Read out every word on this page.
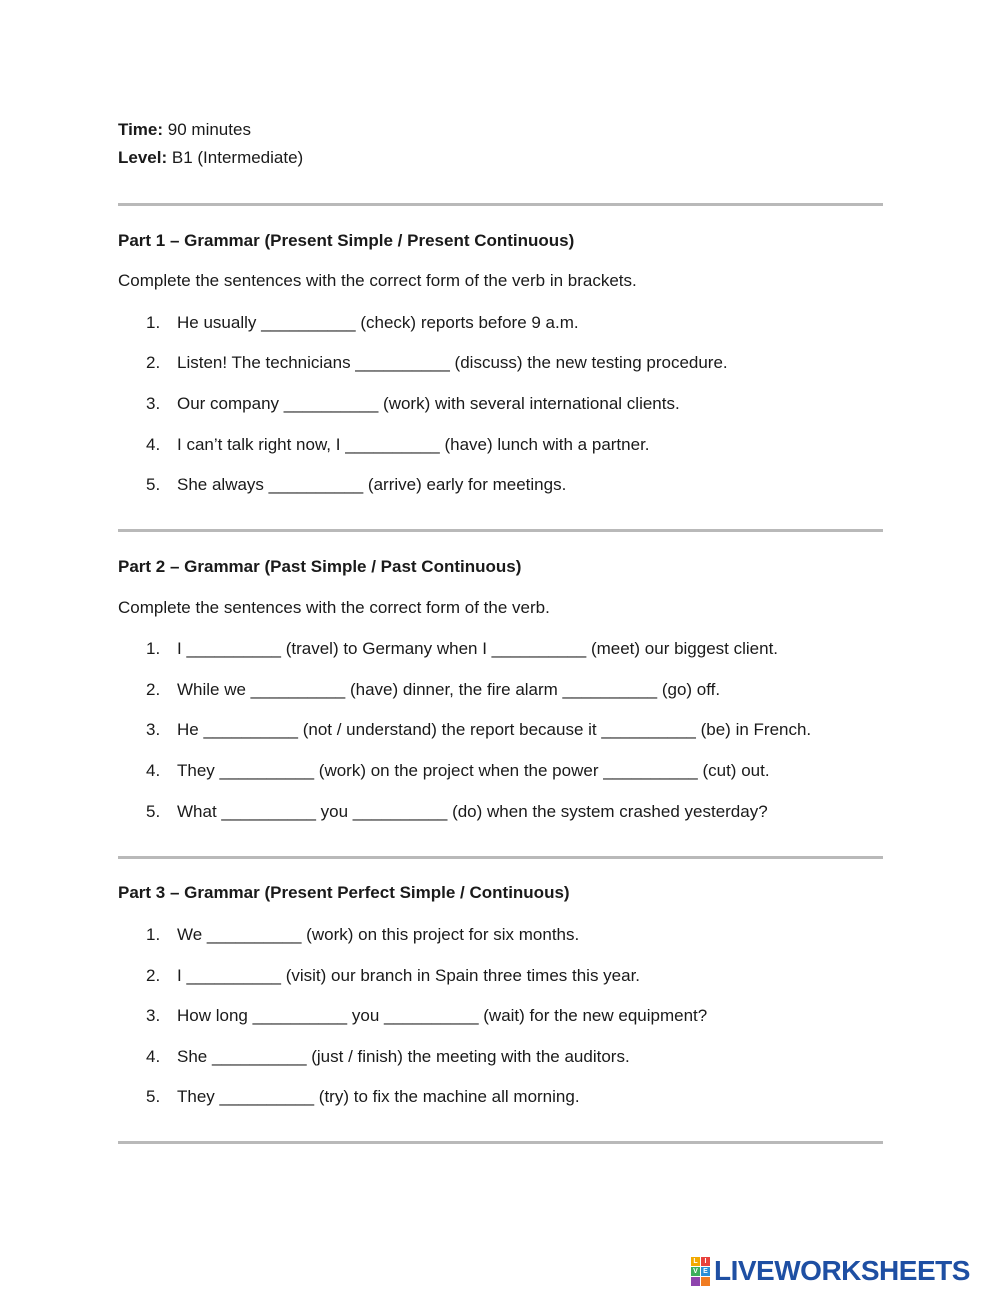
Time: 90 minutes
Level: B1 (Intermediate)
Part 1 – Grammar (Present Simple / Present Continuous)
Complete the sentences with the correct form of the verb in brackets.
1. He usually __________ (check) reports before 9 a.m.
2. Listen! The technicians __________ (discuss) the new testing procedure.
3. Our company __________ (work) with several international clients.
4. I can’t talk right now, I __________ (have) lunch with a partner.
5. She always __________ (arrive) early for meetings.
Part 2 – Grammar (Past Simple / Past Continuous)
Complete the sentences with the correct form of the verb.
1. I __________ (travel) to Germany when I __________ (meet) our biggest client.
2. While we __________ (have) dinner, the fire alarm __________ (go) off.
3. He __________ (not / understand) the report because it __________ (be) in French.
4. They __________ (work) on the project when the power __________ (cut) out.
5. What __________ you __________ (do) when the system crashed yesterday?
Part 3 – Grammar (Present Perfect Simple / Continuous)
1. We __________ (work) on this project for six months.
2. I __________ (visit) our branch in Spain three times this year.
3. How long __________ you __________ (wait) for the new equipment?
4. She __________ (just / finish) the meeting with the auditors.
5. They __________ (try) to fix the machine all morning.
L I
V E LIVEWORKSHEETS
